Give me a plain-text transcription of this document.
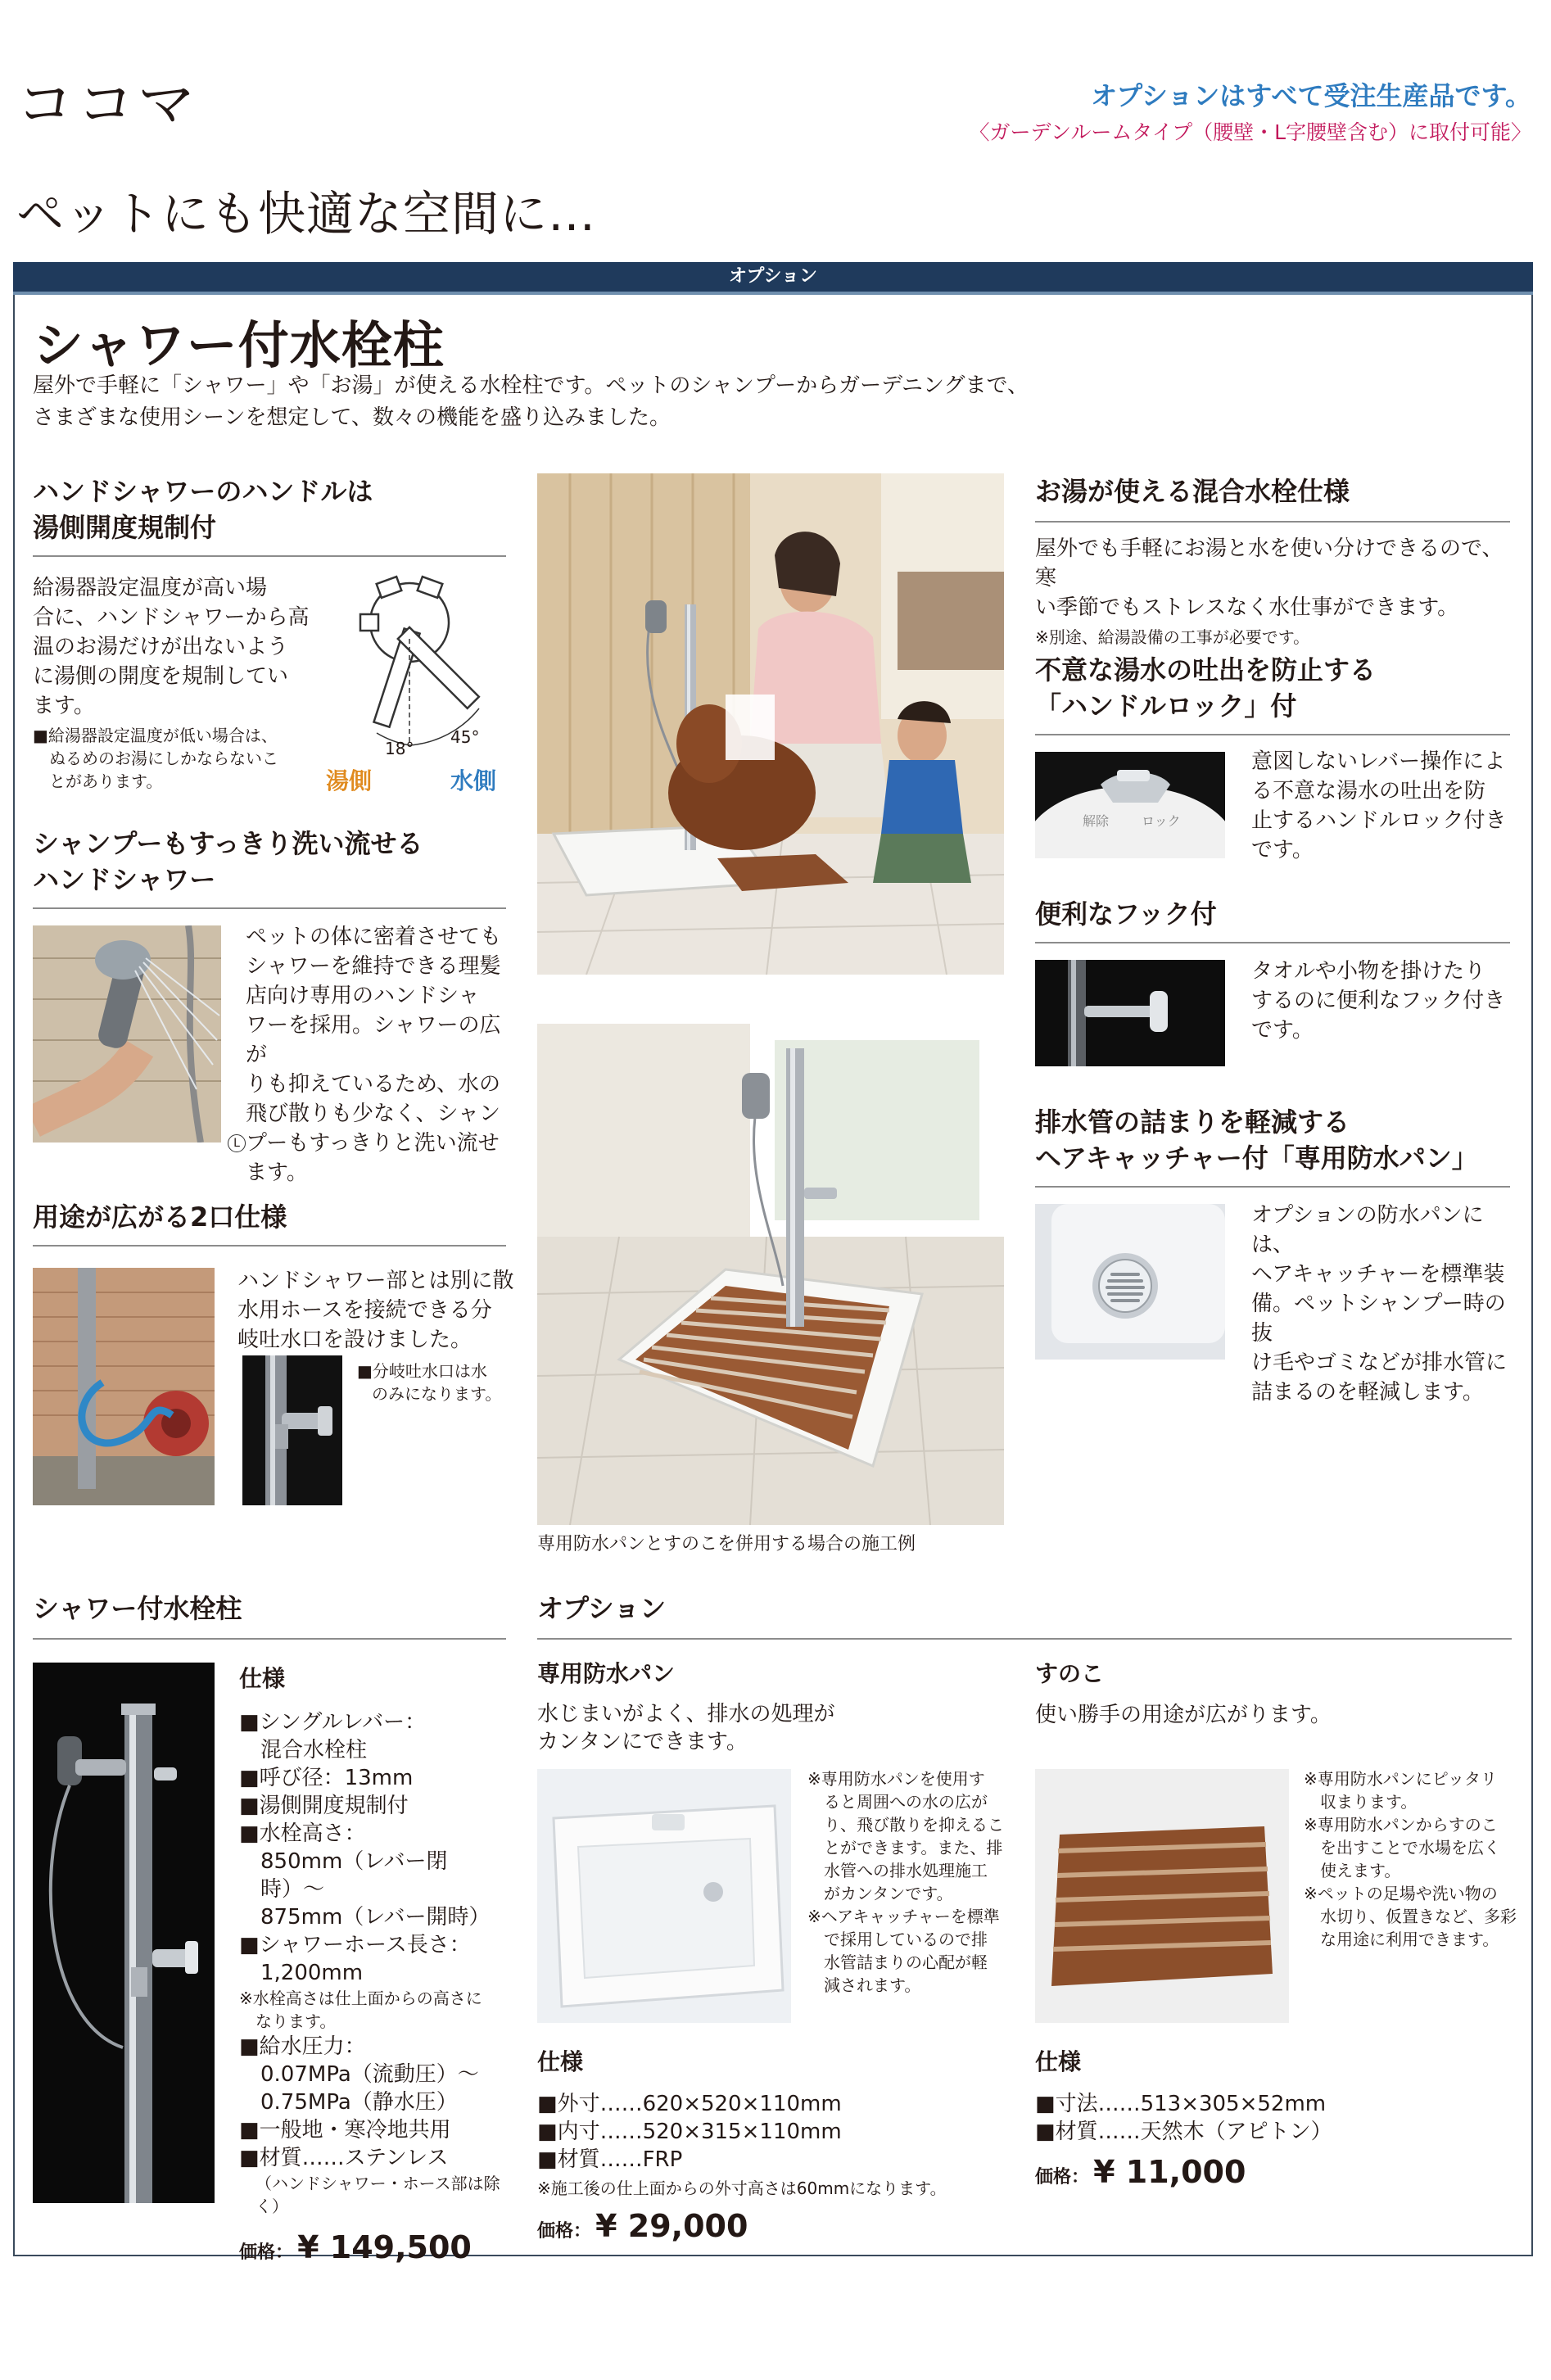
ココマ	オプションはすべて受注生産品です。
〈ガーデンルームタイプ（腰壁・L字腰壁含む）に取付可能〉
ペットにも快適な空間に…
オプション
シャワー付水栓柱
屋外で手軽に「シャワー」や「お湯」が使える水栓柱です。ペットのシャンプーからガーデニングまで、
さまざまな使用シーンを想定して、数々の機能を盛り込みました。
ハンドシャワーのハンドルは
湯側開度規制付
給湯器設定温度が高い場
合に、ハンドシャワーから高
温のお湯だけが出ないよう
に湯側の開度を規制してい
ます。
■給湯器設定温度が低い場合は、
ぬるめのお湯にしかならないこ
とがあります。
18°
45°
湯側	水側
シャンプーもすっきり洗い流せる
ハンドシャワー
L
ペットの体に密着させても
シャワーを維持できる理髪
店向け専用のハンドシャ
ワーを採用。シャワーの広が
りも抑えているため、水の
飛び散りも少なく、シャン
プーもすっきりと洗い流せ
ます。
用途が広がる2口仕様
ハンドシャワー部とは別に散
水用ホースを接続できる分
岐吐水口を設けました。
■分岐吐水口は水
のみになります。
専用防水パンとすのこを併用する場合の施工例
お湯が使える混合水栓仕様
屋外でも手軽にお湯と水を使い分けできるので、寒
い季節でもストレスなく水仕事ができます。
※別途、給湯設備の工事が必要です。
不意な湯水の吐出を防止する
「ハンドルロック」付
解除 ロック
意図しないレバー操作によ
る不意な湯水の吐出を防
止するハンドルロック付き
です。
便利なフック付
タオルや小物を掛けたり
するのに便利なフック付き
です。
排水管の詰まりを軽減する
ヘアキャッチャー付「専用防水パン」
オプションの防水パンには、
ヘアキャッチャーを標準装
備。ペットシャンプー時の抜
け毛やゴミなどが排水管に
詰まるのを軽減します。
シャワー付水栓柱
仕様
■シングルレバー：
混合水栓柱
■呼び径：13mm
■湯側開度規制付
■水栓高さ：
850mm（レバー閉時）〜
875mm（レバー開時）
■シャワーホース長さ：
1,200mm
※水栓高さは仕上面からの高さに
なります。
■給水圧力：
0.07MPa（流動圧）〜
0.75MPa（静水圧）
■一般地・寒冷地共用
■材質……ステンレス
（ハンドシャワー・ホース部は除く）
価格： ¥ 149,500
オプション
専用防水パン
水じまいがよく、排水の処理が
カンタンにできます。
※専用防水パンを使用す
ると周囲への水の広が
り、飛び散りを抑えるこ
とができます。また、排
水管への排水処理施工
がカンタンです。
※ヘアキャッチャーを標準
で採用しているので排
水管詰まりの心配が軽
減されます。
仕様
■外寸……620×520×110mm
■内寸……520×315×110mm
■材質……FRP
※施工後の仕上面からの外寸高さは60mmになります。
価格： ¥ 29,000
すのこ
使い勝手の用途が広がります。
※専用防水パンにピッタリ
収まります。
※専用防水パンからすのこ
を出すことで水場を広く
使えます。
※ペットの足場や洗い物の
水切り、仮置きなど、多彩
な用途に利用できます。
仕様
■寸法……513×305×52mm
■材質……天然木（アピトン）
価格： ¥ 11,000
